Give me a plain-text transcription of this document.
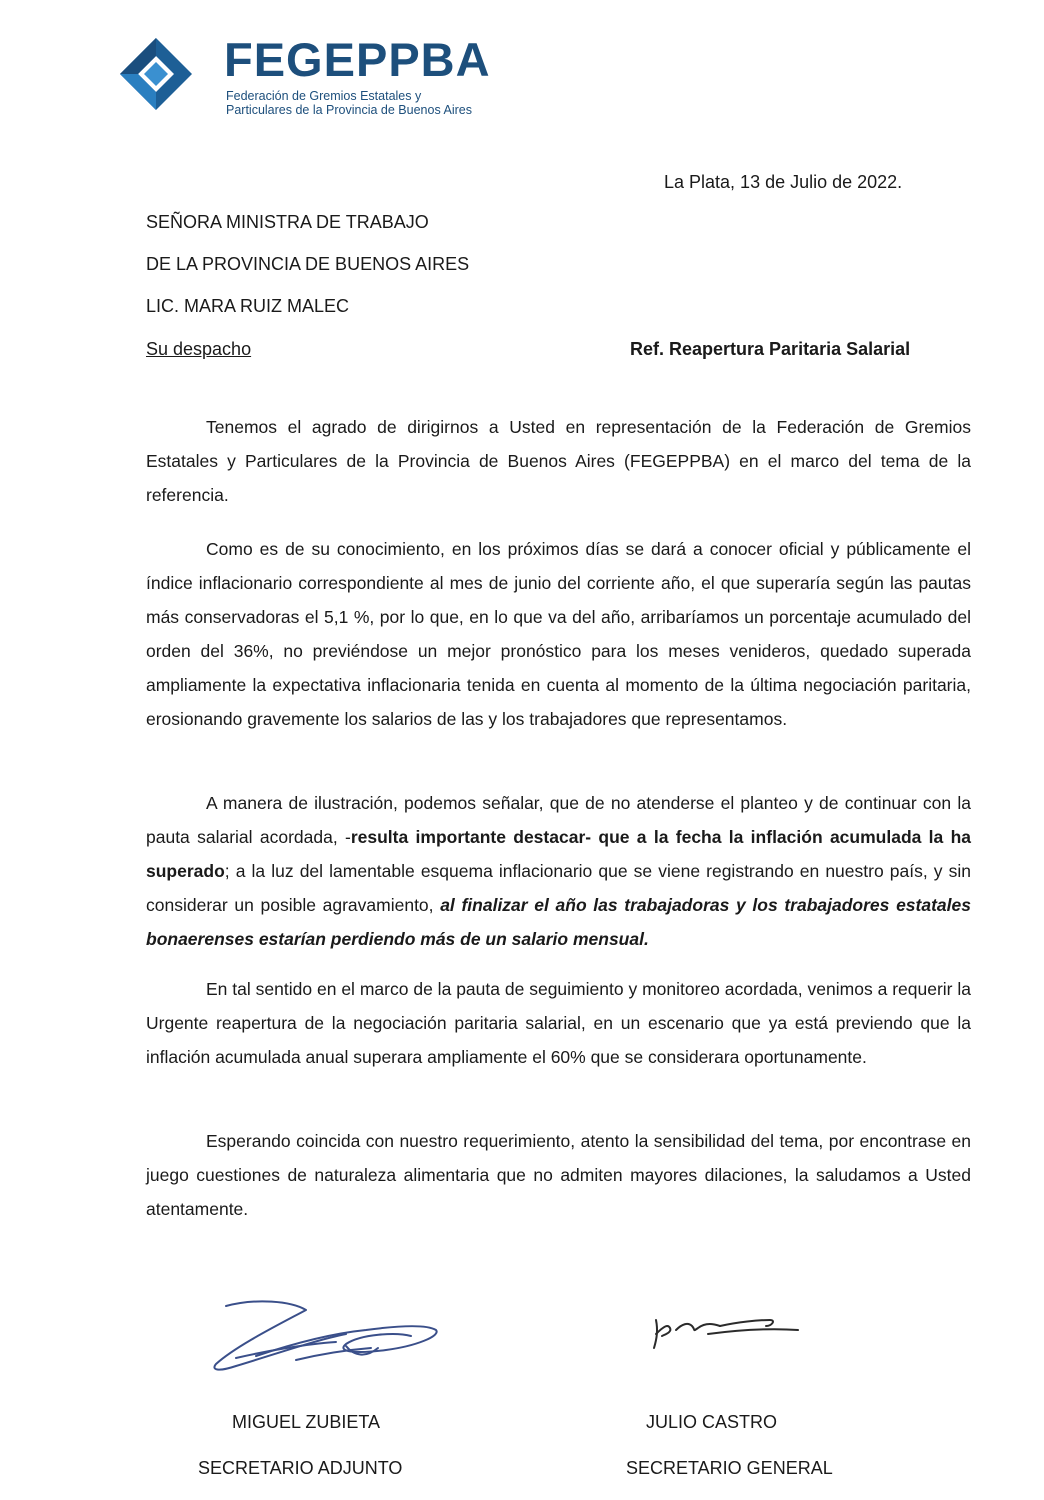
FEGEPPBA
Federación de Gremios Estatales y
Particulares de la Provincia de Buenos Aires
La Plata, 13 de Julio de 2022.
SEÑORA MINISTRA DE TRABAJO
DE LA PROVINCIA DE BUENOS AIRES
LIC. MARA RUIZ MALEC
Su despacho	Ref. Reapertura Paritaria Salarial

Tenemos el agrado de dirigirnos a Usted en representación de la Federación de Gremios Estatales y Particulares de la Provincia de Buenos Aires (FEGEPPBA) en el marco del tema de la referencia.

Como es de su conocimiento, en los próximos días se dará a conocer oficial y públicamente el índice inflacionario correspondiente al mes de junio del corriente año, el que superaría según las pautas más conservadoras el 5,1 %, por lo que, en lo que va del año, arribaríamos un porcentaje acumulado del orden del 36%, no previéndose un mejor pronóstico para los meses venideros, quedado superada ampliamente la expectativa inflacionaria tenida en cuenta al momento de la última negociación paritaria, erosionando gravemente los salarios de las y los trabajadores que representamos.

A manera de ilustración, podemos señalar, que de no atenderse el planteo y de continuar con la pauta salarial acordada, -resulta importante destacar- que a la fecha la inflación acumulada la ha superado; a la luz del lamentable esquema inflacionario que se viene registrando en nuestro país, y sin considerar un posible agravamiento, al finalizar el año las trabajadoras y los trabajadores estatales bonaerenses estarían perdiendo más de un salario mensual.

En tal sentido en el marco de la pauta de seguimiento y monitoreo acordada, venimos a requerir la Urgente reapertura de la negociación paritaria salarial, en un escenario que ya está previendo que la inflación acumulada anual superara ampliamente el 60% que se considerara oportunamente.

Esperando coincida con nuestro requerimiento, atento la sensibilidad del tema, por encontrase en juego cuestiones de naturaleza alimentaria que no admiten mayores dilaciones, la saludamos a Usted atentamente.

MIGUEL ZUBIETA
SECRETARIO ADJUNTO
JULIO CASTRO
SECRETARIO GENERAL
